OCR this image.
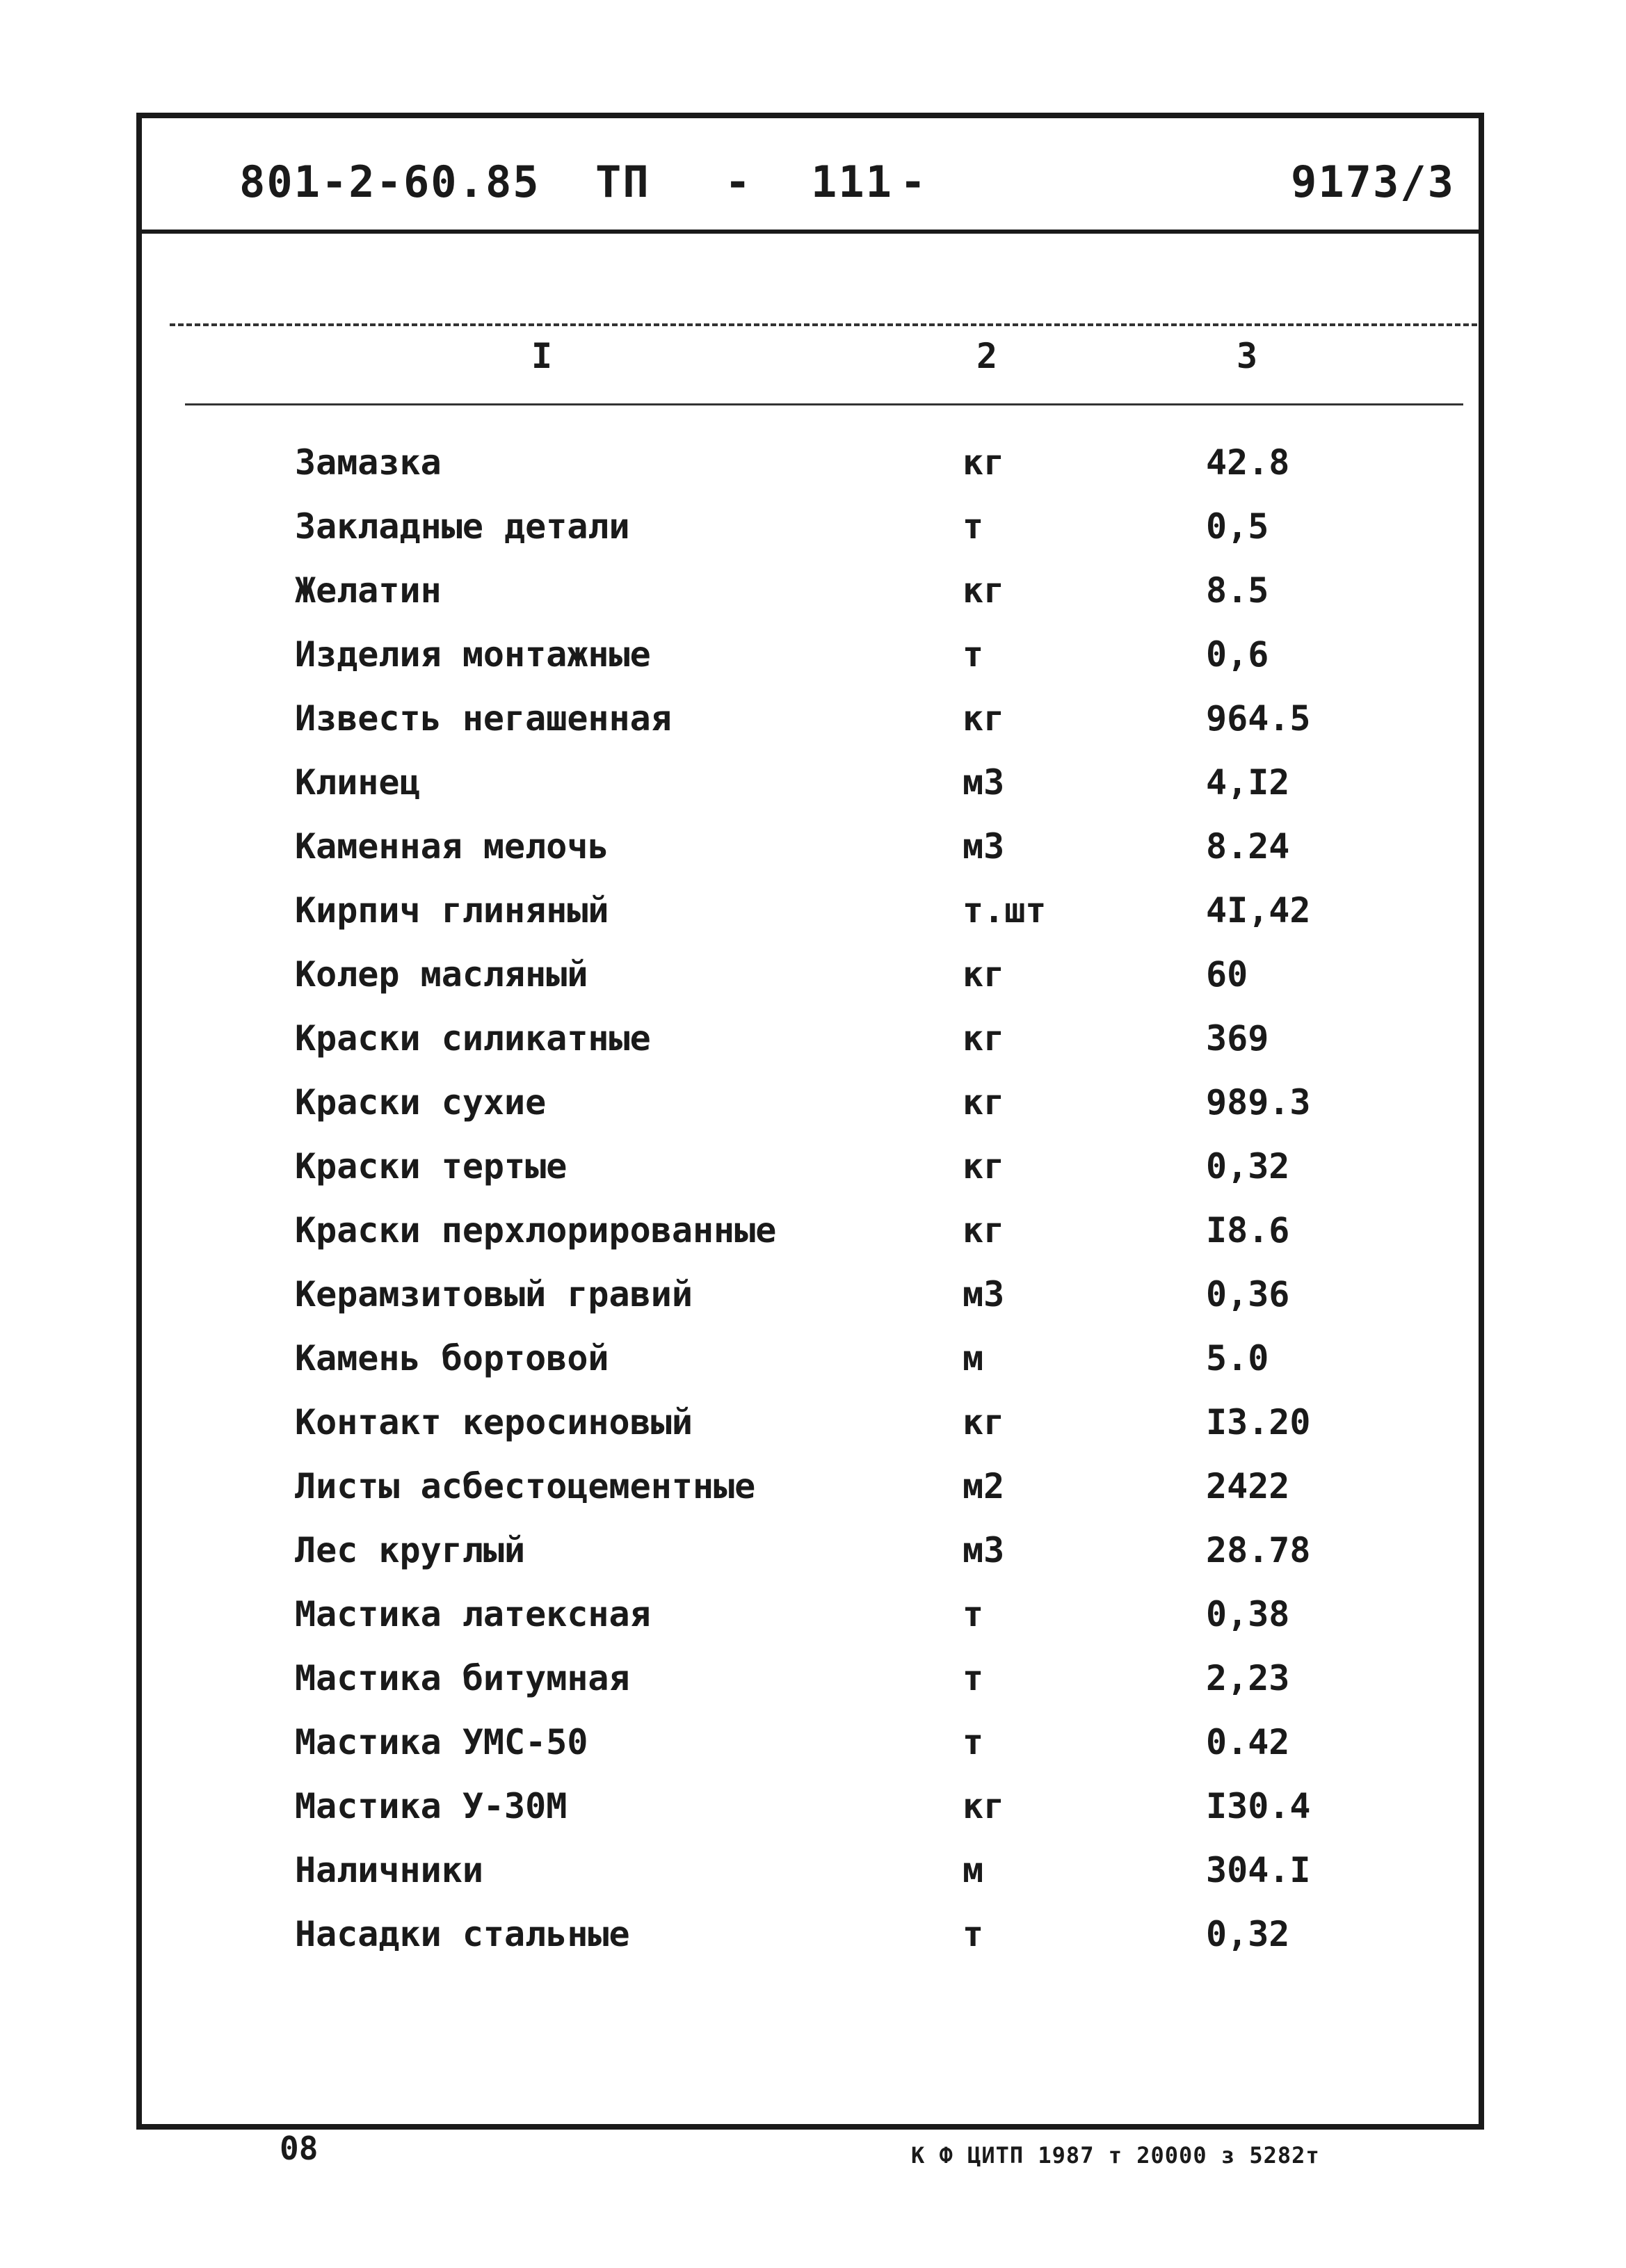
801-2-60.85 ТП - 111 -	9173/3
I	2	3
Замазка	кг	42.8
Закладные детали	т	0,5
Желатин	кг	8.5
Изделия монтажные	т	0,6
Известь негашенная	кг	964.5
Клинец	м3	4,I2
Каменная мелочь	м3	8.24
Кирпич глиняный	т.шт	4I,42
Колер масляный	кг	60
Краски силикатные	кг	369
Краски сухие	кг	989.3
Краски тертые	кг	0,32
Краски перхлорированные	кг	I8.6
Керамзитовый гравий	м3	0,36
Камень бортовой	м	5.0
Контакт керосиновый	кг	I3.20
Листы асбестоцементные	м2	2422
Лес круглый	м3	28.78
Мастика латексная	т	0,38
Мастика битумная	т	2,23
Мастика УМС-50	т	0.42
Мастика У-30М	кг	I30.4
Наличники	м	304.I
Насадки стальные	т	0,32
08	К Ф ЦИТП 1987 т 20000 з 5282т
